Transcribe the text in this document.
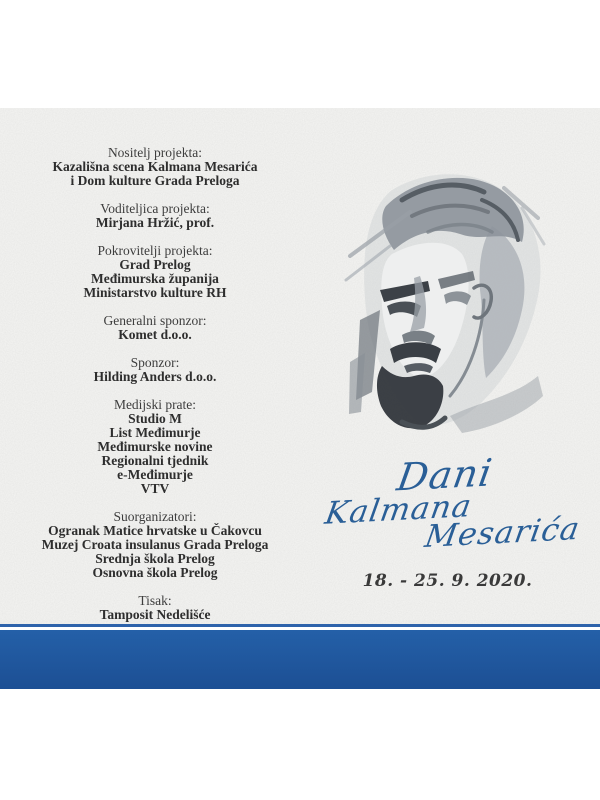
Nositelj projekta:
Kazališna scena Kalmana Mesarića
i Dom kulture Grada Preloga
Voditeljica projekta:
Mirjana Hržić, prof.
Pokrovitelji projekta:
Grad Prelog
Međimurska županija
Ministarstvo kulture RH
Generalni sponzor:
Komet d.o.o.
Sponzor:
Hilding Anders d.o.o.
Medijski prate:
Studio M
List Međimurje
Međimurske novine
Regionalni tjednik
e-Međimurje
VTV
Suorganizatori:
Ogranak Matice hrvatske u Čakovcu
Muzej Croata insulanus Grada Preloga
Srednja škola Prelog
Osnovna škola Prelog
Tisak:
Tamposit Nedelišće
Dani
Kalmana
Mesarića
18. - 25. 9. 2020.
